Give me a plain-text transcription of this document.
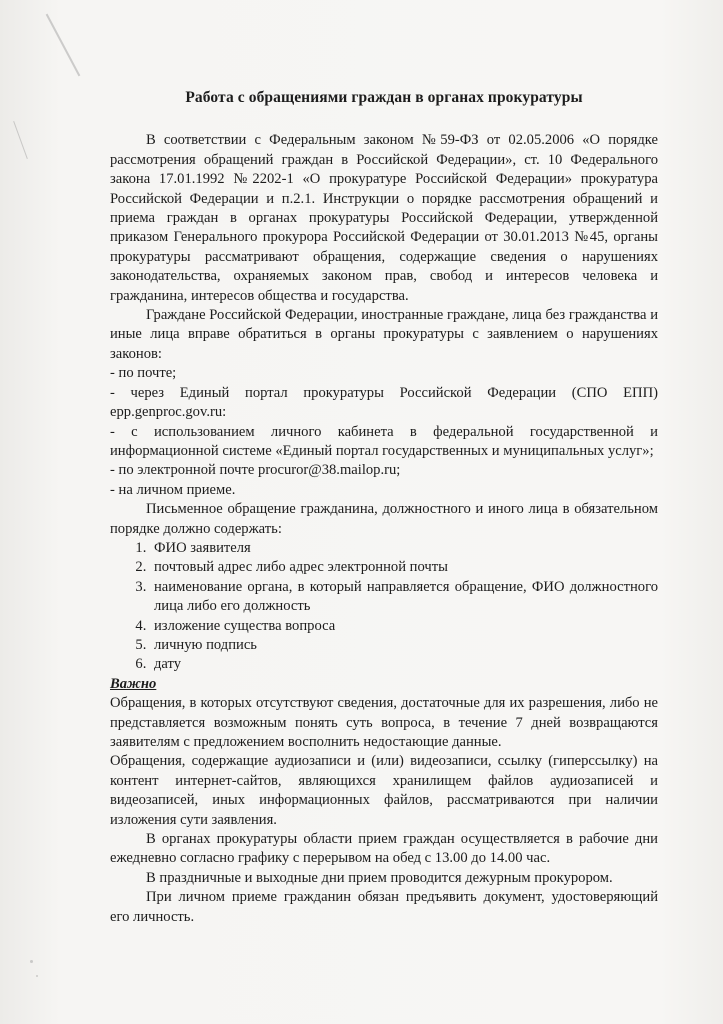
Работа с обращениями граждан в органах прокуратуры

В соответствии с Федеральным законом №59-ФЗ от 02.05.2006 «О порядке рассмотрения обращений граждан в Российской Федерации», ст. 10 Федерального закона 17.01.1992 №2202-1 «О прокуратуре Российской Федерации» прокуратура Российской Федерации и п.2.1. Инструкции о порядке рассмотрения обращений и приема граждан в органах прокуратуры Российской Федерации, утвержденной приказом Генерального прокурора Российской Федерации от 30.01.2013 №45, органы прокуратуры рассматривают обращения, содержащие сведения о нарушениях законодательства, охраняемых законом прав, свобод и интересов человека и гражданина, интересов общества и государства.

Граждане Российской Федерации, иностранные граждане, лица без гражданства и иные лица вправе обратиться в органы прокуратуры с заявлением о нарушениях законов:

- по почте;

- через Единый портал прокуратуры Российской Федерации (СПО ЕПП) epp.genproc.gov.ru:

- с использованием личного кабинета в федеральной государственной и информационной системе «Единый портал государственных и муниципальных услуг»;

- по электронной почте procuror@38.mailop.ru;

- на личном приеме.

Письменное обращение гражданина, должностного и иного лица в обязательном порядке должно содержать:

1. ФИО заявителя
2. почтовый адрес либо адрес электронной почты
3. наименование органа, в который направляется обращение, ФИО должностного лица либо его должность
4. изложение существа вопроса
5. личную подпись
6. дату

Важно

Обращения, в которых отсутствуют сведения, достаточные для их разрешения, либо не представляется возможным понять суть вопроса, в течение 7 дней возвращаются заявителям с предложением восполнить недостающие данные.

Обращения, содержащие аудиозаписи и (или) видеозаписи, ссылку (гиперссылку) на контент интернет-сайтов, являющихся хранилищем файлов аудиозаписей и видеозаписей, иных информационных файлов, рассматриваются при наличии изложения сути заявления.

В органах прокуратуры области прием граждан осуществляется в рабочие дни ежедневно согласно графику с перерывом на обед с 13.00 до 14.00 час.

В праздничные и выходные дни прием проводится дежурным прокурором.

При личном приеме гражданин обязан предъявить документ, удостоверяющий его личность.
